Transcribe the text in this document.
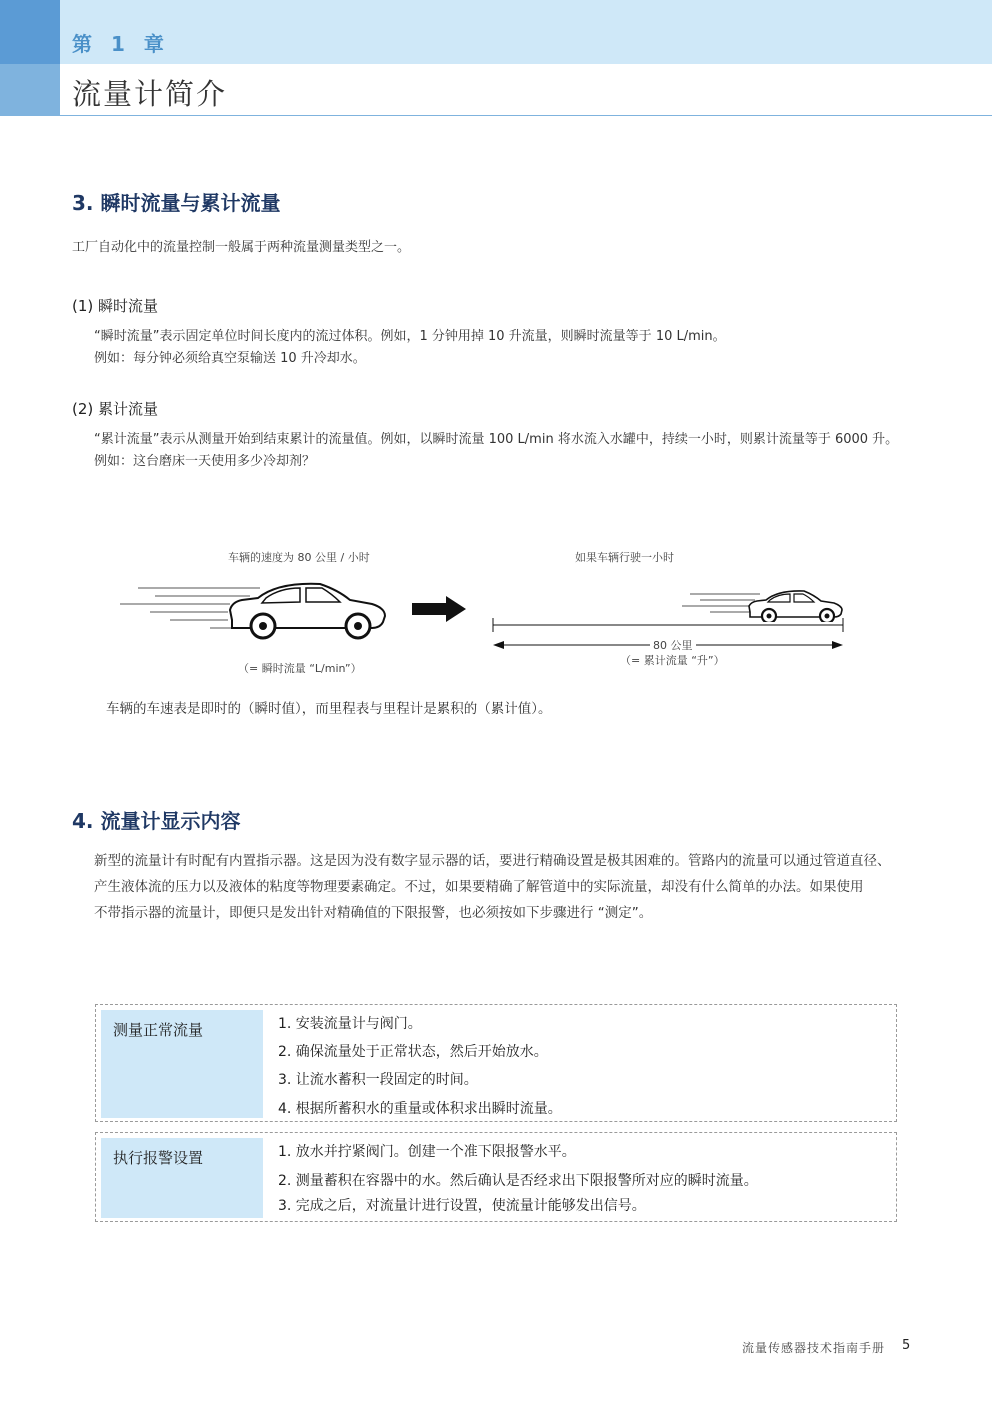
第 1 章
流量计简介
3. 瞬时流量与累计流量
工厂自动化中的流量控制一般属于两种流量测量类型之一。
(1) 瞬时流量
“瞬时流量”表示固定单位时间长度内的流过体积。例如，1 分钟用掉 10 升流量，则瞬时流量等于 10 L/min。
例如：每分钟必须给真空泵输送 10 升冷却水。
(2) 累计流量
“累计流量”表示从测量开始到结束累计的流量值。例如，以瞬时流量 100 L/min 将水流入水罐中，持续一小时，则累计流量等于 6000 升。
例如：这台磨床一天使用多少冷却剂？
车辆的速度为 80 公里 / 小时	如果车辆行驶一小时
80 公里
（= 累计流量 “升”）
（= 瞬时流量 “L/min”）
车辆的车速表是即时的（瞬时值），而里程表与里程计是累积的（累计值）。
4. 流量计显示内容
新型的流量计有时配有内置指示器。这是因为没有数字显示器的话，要进行精确设置是极其困难的。管路内的流量可以通过管道直径、
产生液体流的压力以及液体的粘度等物理要素确定。不过，如果要精确了解管道中的实际流量，却没有什么简单的办法。如果使用
不带指示器的流量计，即便只是发出针对精确值的下限报警，也必须按如下步骤进行 “测定”。
测量正常流量	1. 安装流量计与阀门。
2. 确保流量处于正常状态，然后开始放水。
3. 让流水蓄积一段固定的时间。
4. 根据所蓄积水的重量或体积求出瞬时流量。
执行报警设置	1. 放水并拧紧阀门。创建一个准下限报警水平。
2. 测量蓄积在容器中的水。然后确认是否经求出下限报警所对应的瞬时流量。
3. 完成之后，对流量计进行设置，使流量计能够发出信号。
流量传感器技术指南手册 5
